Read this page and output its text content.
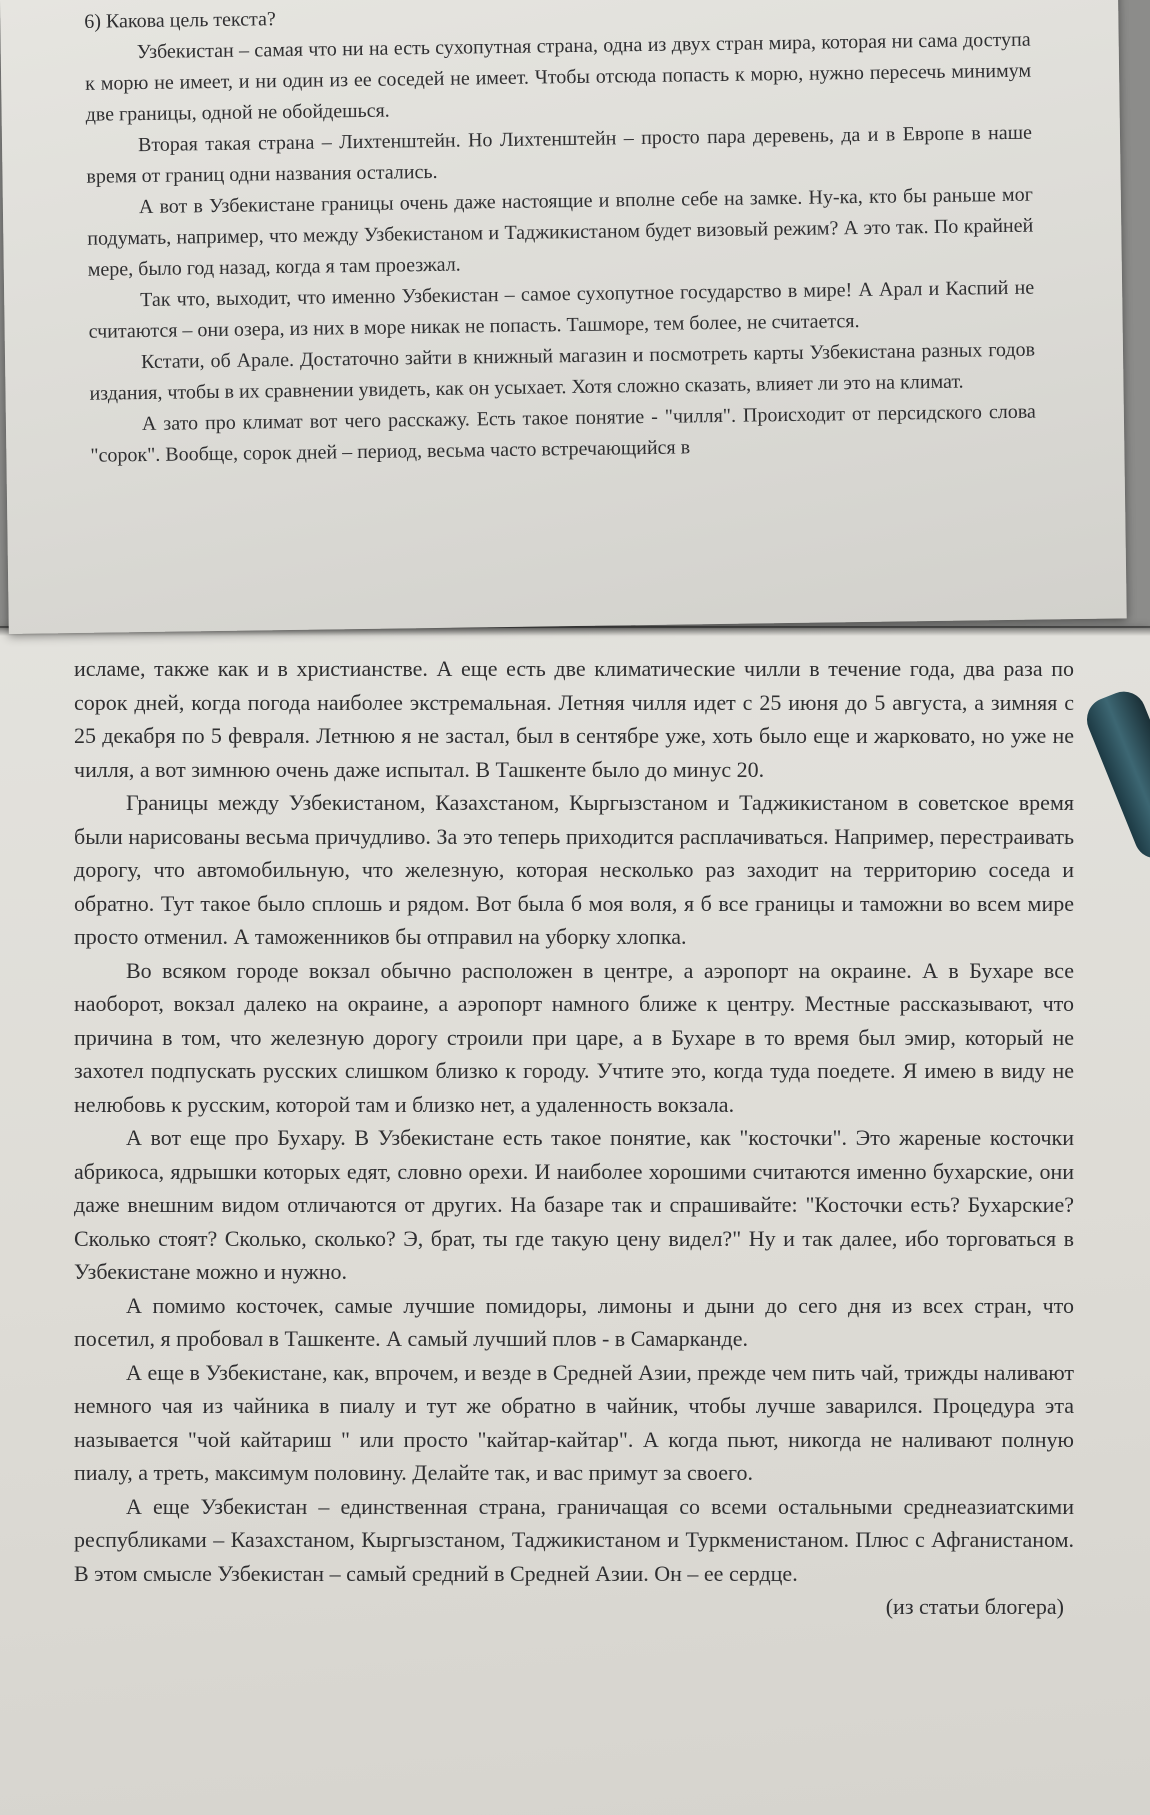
исламе, также как и в христианстве. А еще есть две климатические чилли в течение года, два раза по сорок дней, когда погода наиболее экстремальная. Летняя чилля идет с 25 июня до 5 августа, а зимняя с 25 декабря по 5 февраля. Летнюю я не застал, был в сентябре уже, хоть было еще и жарковато, но уже не чилля, а вот зимнюю очень даже испытал. В Ташкенте было до минус 20.

Границы между Узбекистаном, Казахстаном, Кыргызстаном и Таджикистаном в советское время были нарисованы весьма причудливо. За это теперь приходится расплачиваться. Например, перестраивать дорогу, что автомобильную, что железную, которая несколько раз заходит на территорию соседа и обратно. Тут такое было сплошь и рядом. Вот была б моя воля, я б все границы и таможни во всем мире просто отменил. А таможенников бы отправил на уборку хлопка.

Во всяком городе вокзал обычно расположен в центре, а аэропорт на окраине. А в Бухаре все наоборот, вокзал далеко на окраине, а аэропорт намного ближе к центру. Местные рассказывают, что причина в том, что железную дорогу строили при царе, а в Бухаре в то время был эмир, который не захотел подпускать русских слишком близко к городу. Учтите это, когда туда поедете. Я имею в виду не нелюбовь к русским, которой там и близко нет, а удаленность вокзала.

А вот еще про Бухару. В Узбекистане есть такое понятие, как "косточки". Это жареные косточки абрикоса, ядрышки которых едят, словно орехи. И наиболее хорошими считаются именно бухарские, они даже внешним видом отличаются от других. На базаре так и спрашивайте: "Косточки есть? Бухарские? Сколько стоят? Сколько, сколько? Э, брат, ты где такую цену видел?" Ну и так далее, ибо торговаться в Узбекистане можно и нужно.

А помимо косточек, самые лучшие помидоры, лимоны и дыни до сего дня из всех стран, что посетил, я пробовал в Ташкенте. А самый лучший плов - в Самарканде.

А еще в Узбекистане, как, впрочем, и везде в Средней Азии, прежде чем пить чай, трижды наливают немного чая из чайника в пиалу и тут же обратно в чайник, чтобы лучше заварился. Процедура эта называется "чой кайтариш " или просто "кайтар-кайтар". А когда пьют, никогда не наливают полную пиалу, а треть, максимум половину. Делайте так, и вас примут за своего.

А еще Узбекистан – единственная страна, граничащая со всеми остальными среднеазиатскими республиками – Казахстаном, Кыргызстаном, Таджикистаном и Туркменистаном. Плюс с Афганистаном. В этом смысле Узбекистан – самый средний в Средней Азии. Он – ее сердце.

(из статьи блогера)

6) Какова цель текста?

Узбекистан – самая что ни на есть сухопутная страна, одна из двух стран мира, которая ни сама доступа к морю не имеет, и ни один из ее соседей не имеет. Чтобы отсюда попасть к морю, нужно пересечь минимум две границы, одной не обойдешься.

Вторая такая страна – Лихтенштейн. Но Лихтенштейн – просто пара деревень, да и в Европе в наше время от границ одни названия остались.

А вот в Узбекистане границы очень даже настоящие и вполне себе на замке. Ну-ка, кто бы раньше мог подумать, например, что между Узбекистаном и Таджикистаном будет визовый режим? А это так. По крайней мере, было год назад, когда я там проезжал.

Так что, выходит, что именно Узбекистан – самое сухопутное государство в мире! А Арал и Каспий не считаются – они озера, из них в море никак не попасть. Ташморе, тем более, не считается.

Кстати, об Арале. Достаточно зайти в книжный магазин и посмотреть карты Узбекистана разных годов издания, чтобы в их сравнении увидеть, как он усыхает. Хотя сложно сказать, влияет ли это на климат.

А зато про климат вот чего расскажу. Есть такое понятие - "чилля". Происходит от персидского слова "сорок". Вообще, сорок дней – период, весьма часто встречающийся в
